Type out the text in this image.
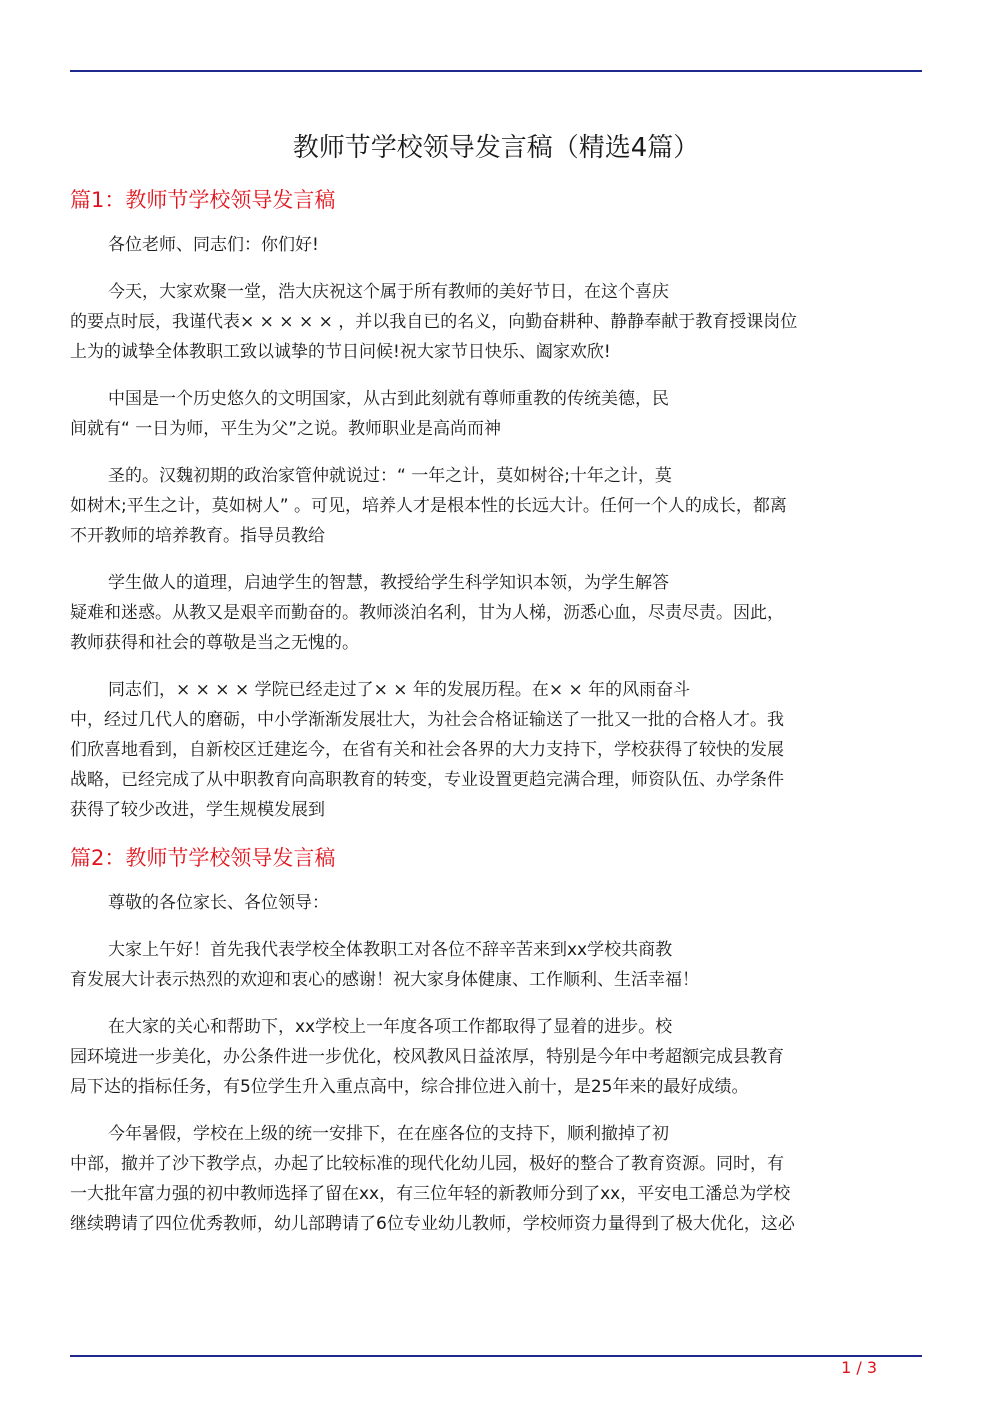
教师节学校领导发言稿（精选4篇）
篇1：教师节学校领导发言稿

各位老师、同志们：你们好!

今天，大家欢聚一堂，浩大庆祝这个属于所有教师的美好节日，在这个喜庆
的要点时辰，我谨代表× × × × × ，并以我自已的名义，向勤奋耕种、静静奉献于教育授课岗位
上为的诚挚全体教职工致以诚挚的节日问候!祝大家节日快乐、阖家欢欣!

中国是一个历史悠久的文明国家，从古到此刻就有尊师重教的传统美德，民
间就有“ 一日为师，平生为父”之说。教师职业是高尚而神

圣的。汉魏初期的政治家管仲就说过：“ 一年之计，莫如树谷;十年之计，莫
如树木;平生之计，莫如树人” 。可见，培养人才是根本性的长远大计。任何一个人的成长，都离
不开教师的培养教育。指导员教给

学生做人的道理，启迪学生的智慧，教授给学生科学知识本领，为学生解答
疑难和迷惑。从教又是艰辛而勤奋的。教师淡泊名利，甘为人梯，沥悉心血，尽责尽责。因此，
教师获得和社会的尊敬是当之无愧的。

同志们，× × × × 学院已经走过了× × 年的发展历程。在× × 年的风雨奋斗
中，经过几代人的磨砺，中小学渐渐发展壮大，为社会合格证输送了一批又一批的合格人才。我
们欣喜地看到，自新校区迁建迄今，在省有关和社会各界的大力支持下，学校获得了较快的发展
战略，已经完成了从中职教育向高职教育的转变，专业设置更趋完满合理，师资队伍、办学条件
获得了较少改进，学生规模发展到

篇2：教师节学校领导发言稿

尊敬的各位家长、各位领导：

大家上午好！首先我代表学校全体教职工对各位不辞辛苦来到xx学校共商教
育发展大计表示热烈的欢迎和衷心的感谢！祝大家身体健康、工作顺利、生活幸福！

在大家的关心和帮助下，xx学校上一年度各项工作都取得了显着的进步。校
园环境进一步美化，办公条件进一步优化，校风教风日益浓厚，特别是今年中考超额完成县教育
局下达的指标任务，有5位学生升入重点高中，综合排位进入前十，是25年来的最好成绩。

今年暑假，学校在上级的统一安排下，在在座各位的支持下，顺利撤掉了初
中部，撤并了沙下教学点，办起了比较标准的现代化幼儿园，极好的整合了教育资源。同时，有
一大批年富力强的初中教师选择了留在xx，有三位年轻的新教师分到了xx，平安电工潘总为学校
继续聘请了四位优秀教师，幼儿部聘请了6位专业幼儿教师，学校师资力量得到了极大优化，这必

1 / 3
